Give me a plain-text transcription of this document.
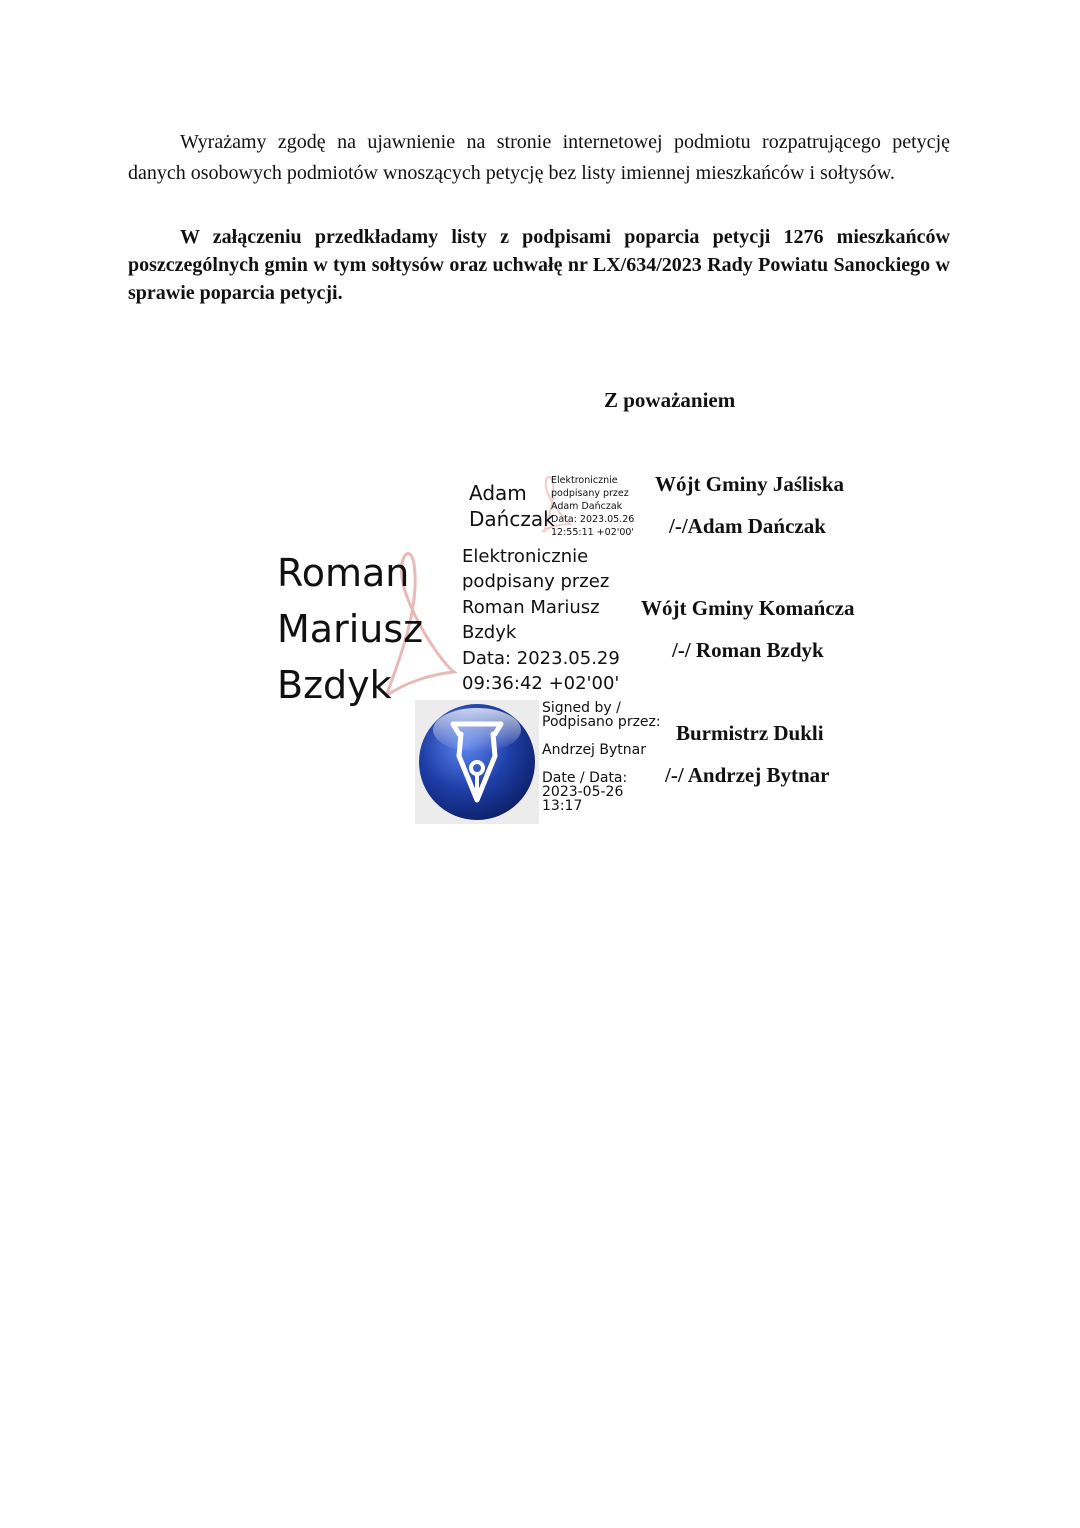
Wyrażamy zgodę na ujawnienie na stronie internetowej podmiotu rozpatrującego petycję danych osobowych podmiotów wnoszących petycję bez listy imiennej mieszkańców i sołtysów.
W załączeniu przedkładamy listy z podpisami poparcia petycji 1276 mieszkańców poszczególnych gmin w tym sołtysów oraz uchwałę nr LX/634/2023 Rady Powiatu Sanockiego w sprawie poparcia petycji.
Z poważaniem
Adam
Dańczak
Elektronicznie
podpisany przez
Adam Dańczak
Data: 2023.05.26
12:55:11 +02'00'
Wójt Gminy Jaśliska
/-/Adam Dańczak
Roman
Mariusz
Bzdyk
Elektronicznie
podpisany przez
Roman Mariusz
Bzdyk
Data: 2023.05.29
09:36:42 +02'00'
Wójt Gminy Komańcza
/-/ Roman Bzdyk
Signed by /
Podpisano przez:
Andrzej Bytnar
Date / Data:
2023-05-26
13:17
Burmistrz Dukli
/-/ Andrzej Bytnar
